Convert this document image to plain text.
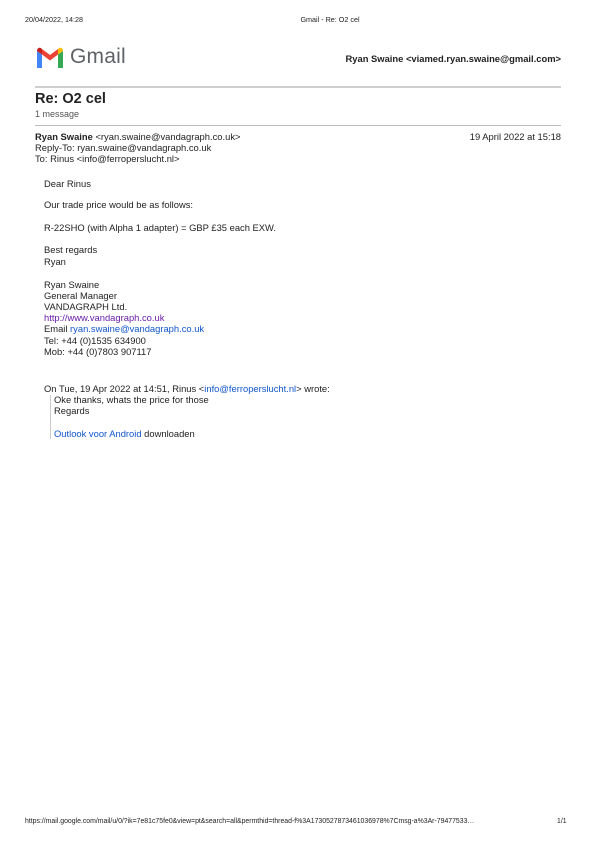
20/04/2022, 14:28	Gmail - Re: O2 cel
Gmail	Ryan Swaine <viamed.ryan.swaine@gmail.com>
Re: O2 cel
1 message
Ryan Swaine <ryan.swaine@vandagraph.co.uk>	19 April 2022 at 15:18
Reply-To: ryan.swaine@vandagraph.co.uk
To: Rinus <info@ferroperslucht.nl>
Dear Rinus
Our trade price would be as follows:
R-22SHO (with Alpha 1 adapter) = GBP £35 each EXW.
Best regards
Ryan
Ryan Swaine
General Manager
VANDAGRAPH Ltd.
http://www.vandagraph.co.uk
Email ryan.swaine@vandagraph.co.uk
Tel: +44 (0)1535 634900
Mob: +44 (0)7803 907117
On Tue, 19 Apr 2022 at 14:51, Rinus <info@ferroperslucht.nl> wrote:
Oke thanks, whats the price for those
Regards
Outlook voor Android downloaden
https://mail.google.com/mail/u/0/?ik=7e81c75fe0&view=pt&search=all&permthid=thread-f%3A1730527873461036978%7Cmsg-a%3Ar-79477533…	1/1
